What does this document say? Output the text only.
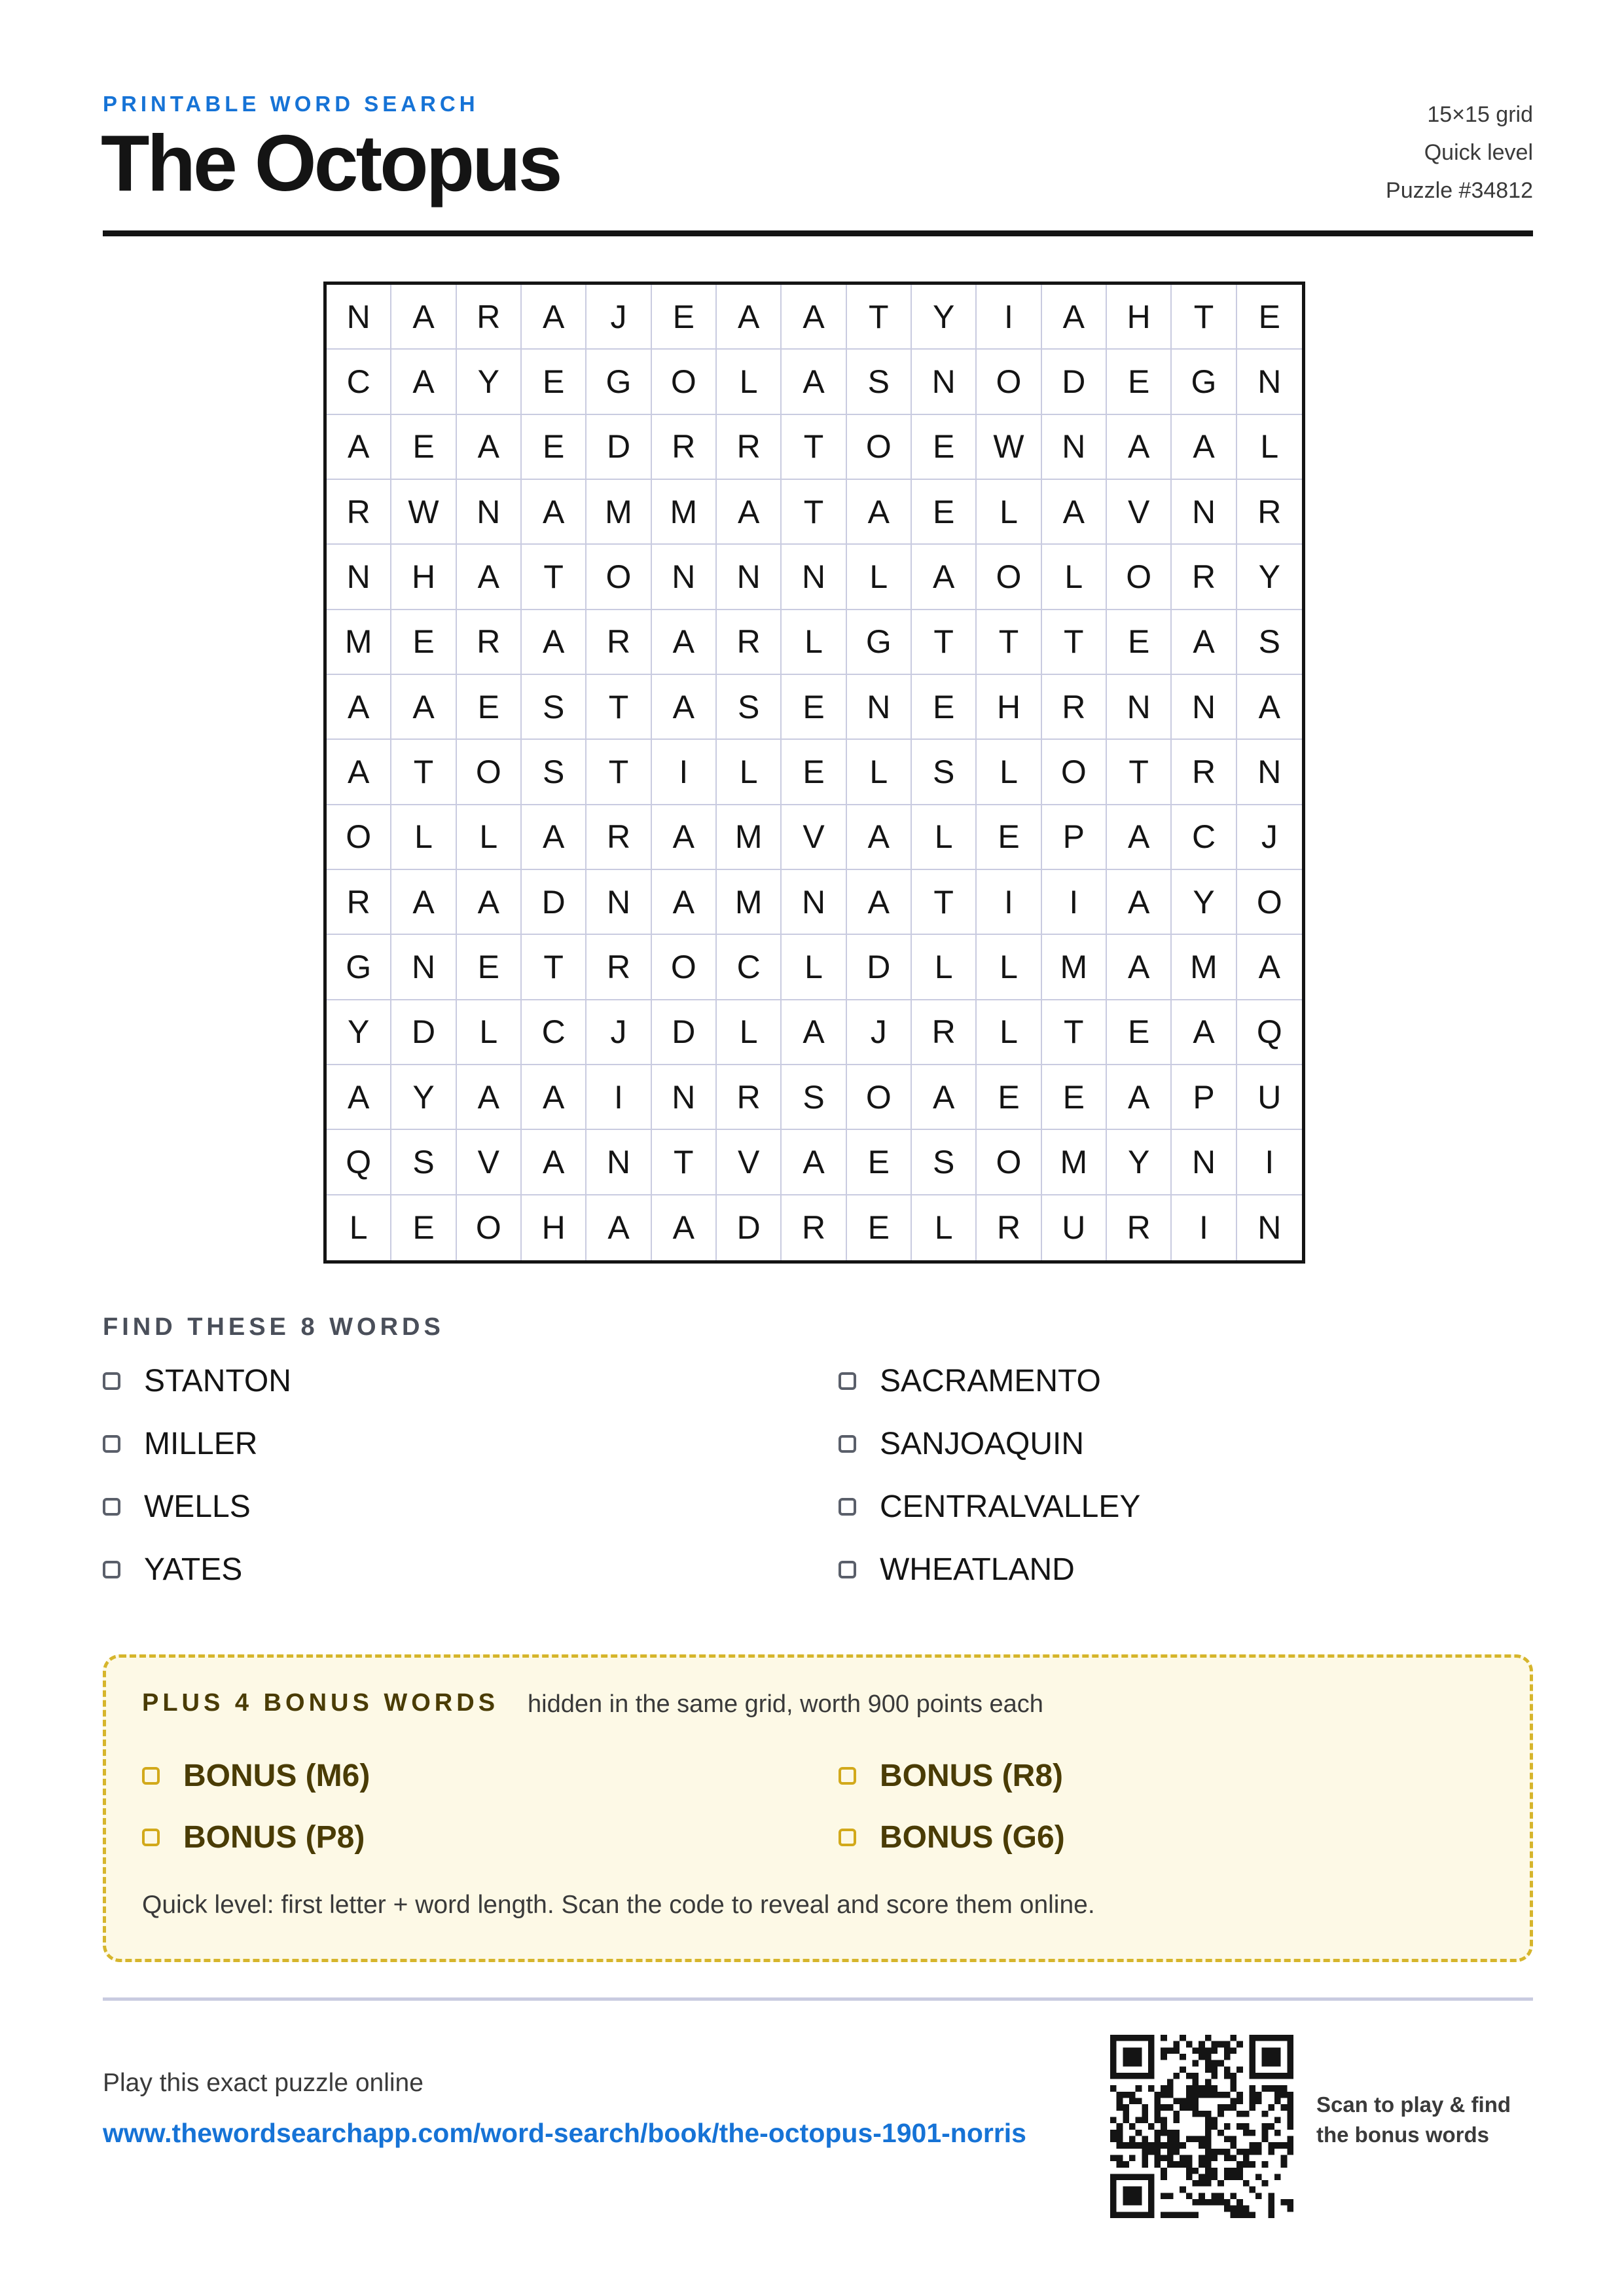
PRINTABLE WORD SEARCH
The Octopus
15×15 grid
Quick level
Puzzle #34812
N	A	R	A	J	E	A	A	T	Y	I	A	H	T	E
C	A	Y	E	G	O	L	A	S	N	O	D	E	G	N
A	E	A	E	D	R	R	T	O	E	W	N	A	A	L
R	W	N	A	M	M	A	T	A	E	L	A	V	N	R
N	H	A	T	O	N	N	N	L	A	O	L	O	R	Y
M	E	R	A	R	A	R	L	G	T	T	T	E	A	S
A	A	E	S	T	A	S	E	N	E	H	R	N	N	A
A	T	O	S	T	I	L	E	L	S	L	O	T	R	N
O	L	L	A	R	A	M	V	A	L	E	P	A	C	J
R	A	A	D	N	A	M	N	A	T	I	I	A	Y	O
G	N	E	T	R	O	C	L	D	L	L	M	A	M	A
Y	D	L	C	J	D	L	A	J	R	L	T	E	A	Q
A	Y	A	A	I	N	R	S	O	A	E	E	A	P	U
Q	S	V	A	N	T	V	A	E	S	O	M	Y	N	I
L	E	O	H	A	A	D	R	E	L	R	U	R	I	N
FIND THESE 8 WORDS
STANTON
MILLER
WELLS
YATES
SACRAMENTO
SANJOAQUIN
CENTRALVALLEY
WHEATLAND
PLUS 4 BONUS WORDS hidden in the same grid, worth 900 points each
BONUS (M6)	BONUS (R8)
BONUS (P8)	BONUS (G6)
Quick level: first letter + word length. Scan the code to reveal and score them online.
Play this exact puzzle online
www.thewordsearchapp.com/word-search/book/the-octopus-1901-norris
Scan to play & find the bonus words
